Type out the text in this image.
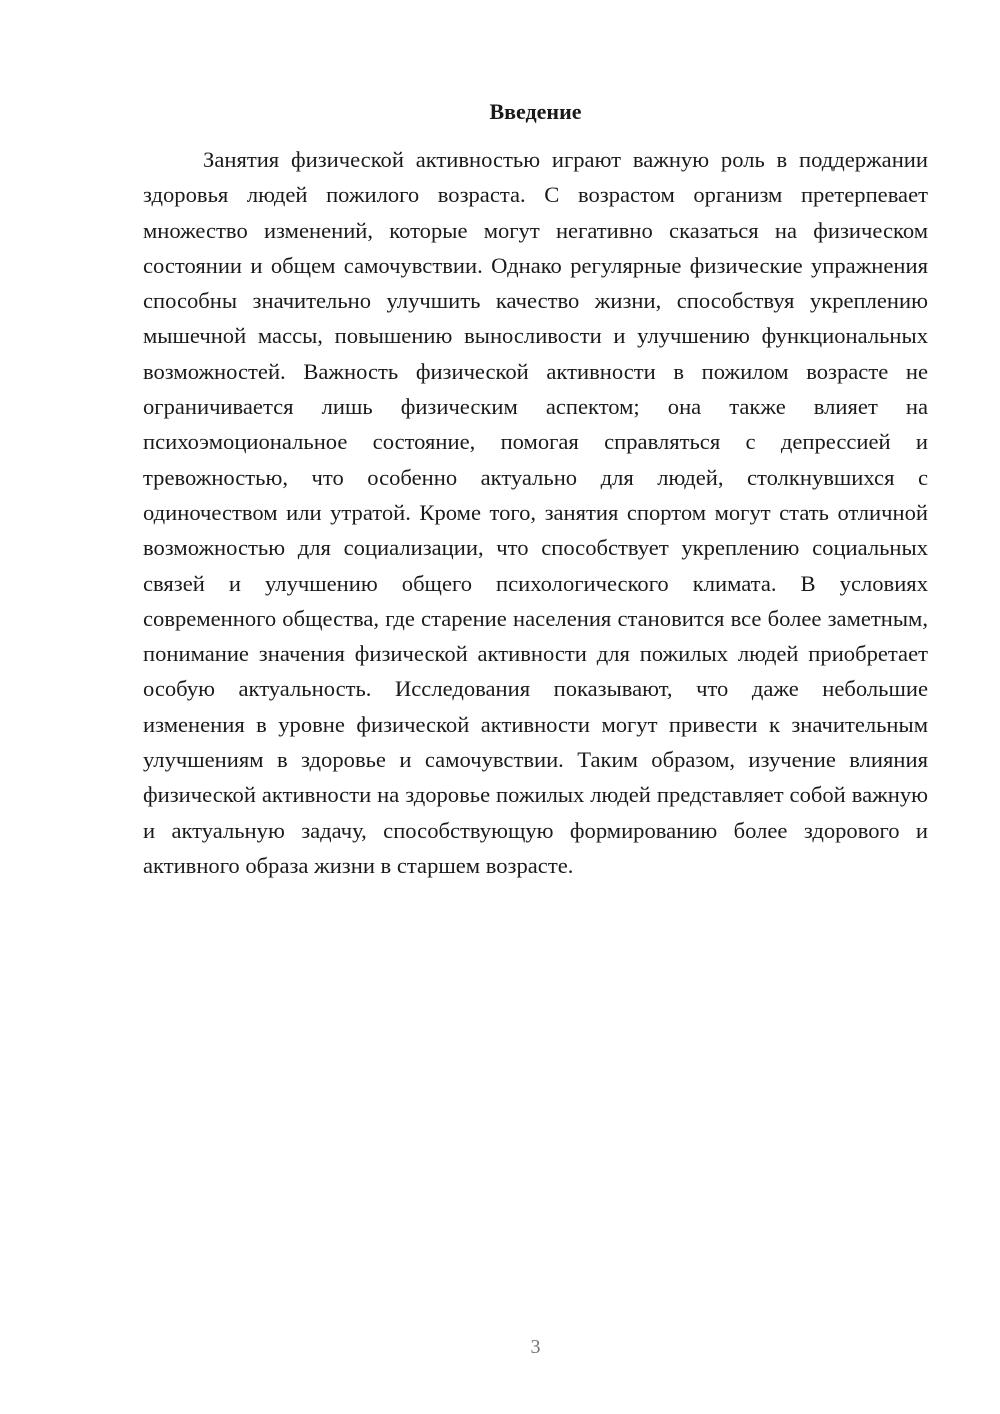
Введение

Занятия физической активностью играют важную роль в поддержании здоровья людей пожилого возраста. С возрастом организм претерпевает множество изменений, которые могут негативно сказаться на физическом состоянии и общем самочувствии. Однако регулярные физические упражнения способны значительно улучшить качество жизни, способствуя укреплению мышечной массы, повышению выносливости и улучшению функциональных возможностей. Важность физической активности в пожилом возрасте не ограничивается лишь физическим аспектом; она также влияет на психоэмоциональное состояние, помогая справляться с депрессией и тревожностью, что особенно актуально для людей, столкнувшихся с одиночеством или утратой. Кроме того, занятия спортом могут стать отличной возможностью для социализации, что способствует укреплению социальных связей и улучшению общего психологического климата. В условиях современного общества, где старение населения становится все более заметным, понимание значения физической активности для пожилых людей приобретает особую актуальность. Исследования показывают, что даже небольшие изменения в уровне физической активности могут привести к значительным улучшениям в здоровье и самочувствии. Таким образом, изучение влияния физической активности на здоровье пожилых людей представляет собой важную и актуальную задачу, способствующую формированию более здорового и активного образа жизни в старшем возрасте.

3
